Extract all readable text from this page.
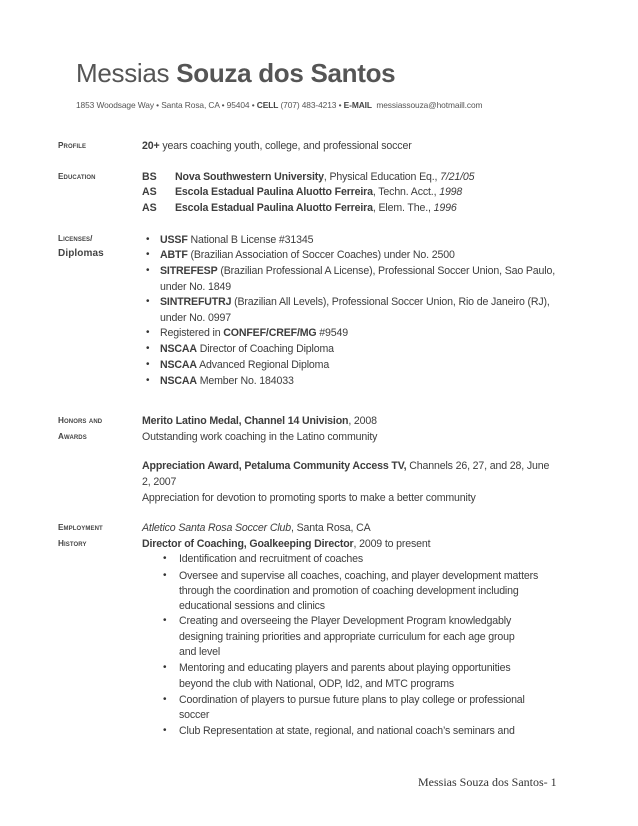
Messias Souza dos Santos
1853 Woodsage Way • Santa Rosa, CA • 95404 • CELL (707) 483-4213 • E-MAIL messiassouza@hotmaill.com
Profile
Education
Licenses/
Diplomas
Honors and
Awards
Employment
History
20+ years coaching youth, college, and professional soccer
BS Nova Southwestern University, Physical Education Eq., 7/21/05
AS Escola Estadual Paulina Aluotto Ferreira, Techn. Acct., 1998
AS Escola Estadual Paulina Aluotto Ferreira, Elem. The., 1996
• USSF National B License #31345
• ABTF (Brazilian Association of Soccer Coaches) under No. 2500
• SITREFESP (Brazilian Professional A License), Professional Soccer Union, Sao Paulo,
under No. 1849
• SINTREFUTRJ (Brazilian All Levels), Professional Soccer Union, Rio de Janeiro (RJ),
under No. 0997
• Registered in CONFEF/CREF/MG #9549
• NSCAA Director of Coaching Diploma
• NSCAA Advanced Regional Diploma
• NSCAA Member No. 184033
Merito Latino Medal, Channel 14 Univision, 2008
Outstanding work coaching in the Latino community
Appreciation Award, Petaluma Community Access TV, Channels 26, 27, and 28, June
2, 2007
Appreciation for devotion to promoting sports to make a better community
Atletico Santa Rosa Soccer Club, Santa Rosa, CA
Director of Coaching, Goalkeeping Director, 2009 to present
• Identification and recruitment of coaches
• Oversee and supervise all coaches, coaching, and player development matters
through the coordination and promotion of coaching development including
educational sessions and clinics
• Creating and overseeing the Player Development Program knowledgably
designing training priorities and appropriate curriculum for each age group
and level
• Mentoring and educating players and parents about playing opportunities
beyond the club with National, ODP, Id2, and MTC programs
• Coordination of players to pursue future plans to play college or professional
soccer
• Club Representation at state, regional, and national coach’s seminars and
Messias Souza dos Santos- 1
